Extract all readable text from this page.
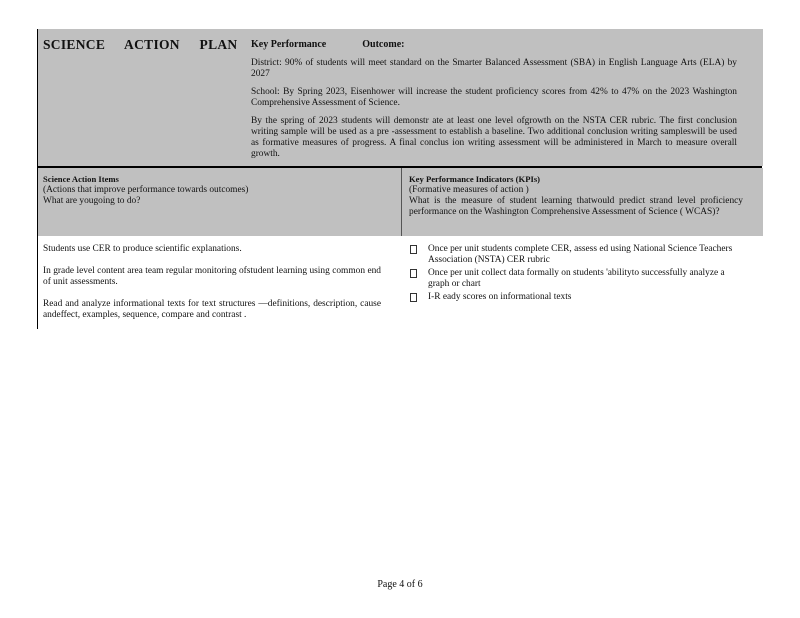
SCIENCE ACTION PLAN Key Performance	Outcome:

District: 90% of students will meet standard on the Smarter Balanced Assessment (SBA) in English Language Arts (ELA) by 2027

School: By Spring 2023, Eisenhower will increase the student proficiency scores from 42% to 47% on the 2023 Washington Comprehensive Assessment of Science.

By the spring of 2023 students will demonstr ate at least one level ofgrowth on the NSTA CER rubric. The first conclusion writing sample will be used as a pre -assessment to establish a baseline. Two additional conclusion writing sampleswill be used as formative measures of progress. A final conclus ion writing assessment will be administered in March to measure overall growth.

Science Action Items
(Actions that improve performance towards outcomes)
What are yougoing to do?
Key Performance Indicators (KPIs)
(Formative measures of action )
What is the measure of student learning thatwould predict strand level proficiency performance on the Washington Comprehensive Assessment of Science ( WCAS)?

Students use CER to produce scientific explanations.

In grade level content area team regular monitoring ofstudent learning using common end of unit assessments.

Read and analyze informational texts for text structures —definitions, description, cause andeffect, examples, sequence, compare and contrast .

Once per unit students complete CER, assess ed using National Science Teachers Association (NSTA) CER rubric
Once per unit collect data formally on students 'abilityto successfully analyze a graph or chart
I-R eady scores on informational texts
Page 4 of 6
